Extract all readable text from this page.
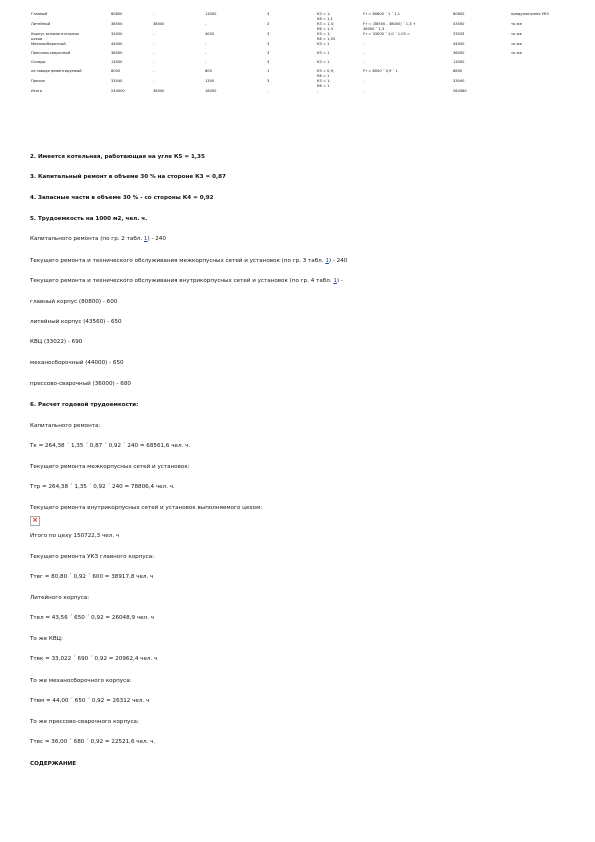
Главный	80800	-	13000	3	К3 = 1;
К6 = 1,1	Fт = 80800 ´ 1 ´ 1,1	80800	предусмотрено УКЗ
Литейный	38500	38000	-	3	К3 = 1,3;
К6 = 1,3	Fт = (38500 - 38000) ´ 1,3 +
38000 ´ 1,3	43500	то же
Корпус вспомогательных
цехов	33000	-	4000	3	К3 = 1;
К6 = 1,03	Fт = 33000 ´ 1,0 ´ 1,03 =	33033	то же
Механосборочный	44000	-	-	3	К3 = 1	-	44000	то же
Прессово-сварочный	36000	-	-	3	К3 = 1	-	36000	то же
Склады	13000	-	-	3	К3 = 1	-	13000	
на заводе ремонтируемый	8000	-	800	1	К3 = 0,9;
К6 = 1	Fт = 8000 ´ 0,9 ´ 1	8800	
Прочие	33040	-	1300	3	К3 = 1;
К6 = 1	-	33040	
Итого	244000	38000	18000	-	-	-	264380	

2. Имеется котельная, работающая на угле К5 = 1,35

3. Капитальный ремонт в объеме 30 % на стороне К3 = 0,87

4. Запасные части в объеме 30 % - со стороны К4 = 0,92

5. Трудоемкость на 1000 м2, чел. ч.

Капитального ремонта (по гр. 2 табл. 1) - 240

Текущего ремонта и технического обслуживания межкорпусных сетей и установок (по гр. 3 табл. 1) - 240

Текущего ремонта и технического обслуживания внутрикорпусных сетей и установок (по гр. 4 табл. 1) -

главный корпус (80800) - 600

литейный корпус (43560) - 650

КВЦ (33022) - 690

механосборочный (44000) - 650

прессово-сварочный (36000) - 680

6. Расчет годовой трудоемкости:

Капитального ремонта:

Тк = 264,38 ´ 1,35 ´ 0,87 ´ 0,92 ´ 240 = 68561,6 чел. ч.

Текущего ремонта межкорпусных сетей и установок:

Ттр = 264,38 ´ 1,35 ´ 0,92 ´ 240 = 78806,4 чел. ч.

Текущего ремонта внутрикорпусных сетей и установок выполняемого цехом:

Итого по цеху 150722,3 чел. ч

Текущего ремонта УКЗ главного корпуса:

Ттвг = 80,80 ´ 0,92 ´ 600 = 38917,8 чел. ч

Литейного корпуса:

Ттвл = 43,56 ´ 650 ´ 0,92 = 26048,9 чел. ч

То же КВЦ:

Ттвк = 33,022 ´ 690 ´ 0,92 = 20962,4 чел. ч

То же механосборочного корпуса:

Ттвм = 44,00 ´ 650 ´ 0,92 = 26312 чел. ч

То же прессово-сварочного корпуса:

Ттвс = 36,00 ´ 680 ´ 0,92 = 22521,6 чел. ч.

СОДЕРЖАНИЕ

×
